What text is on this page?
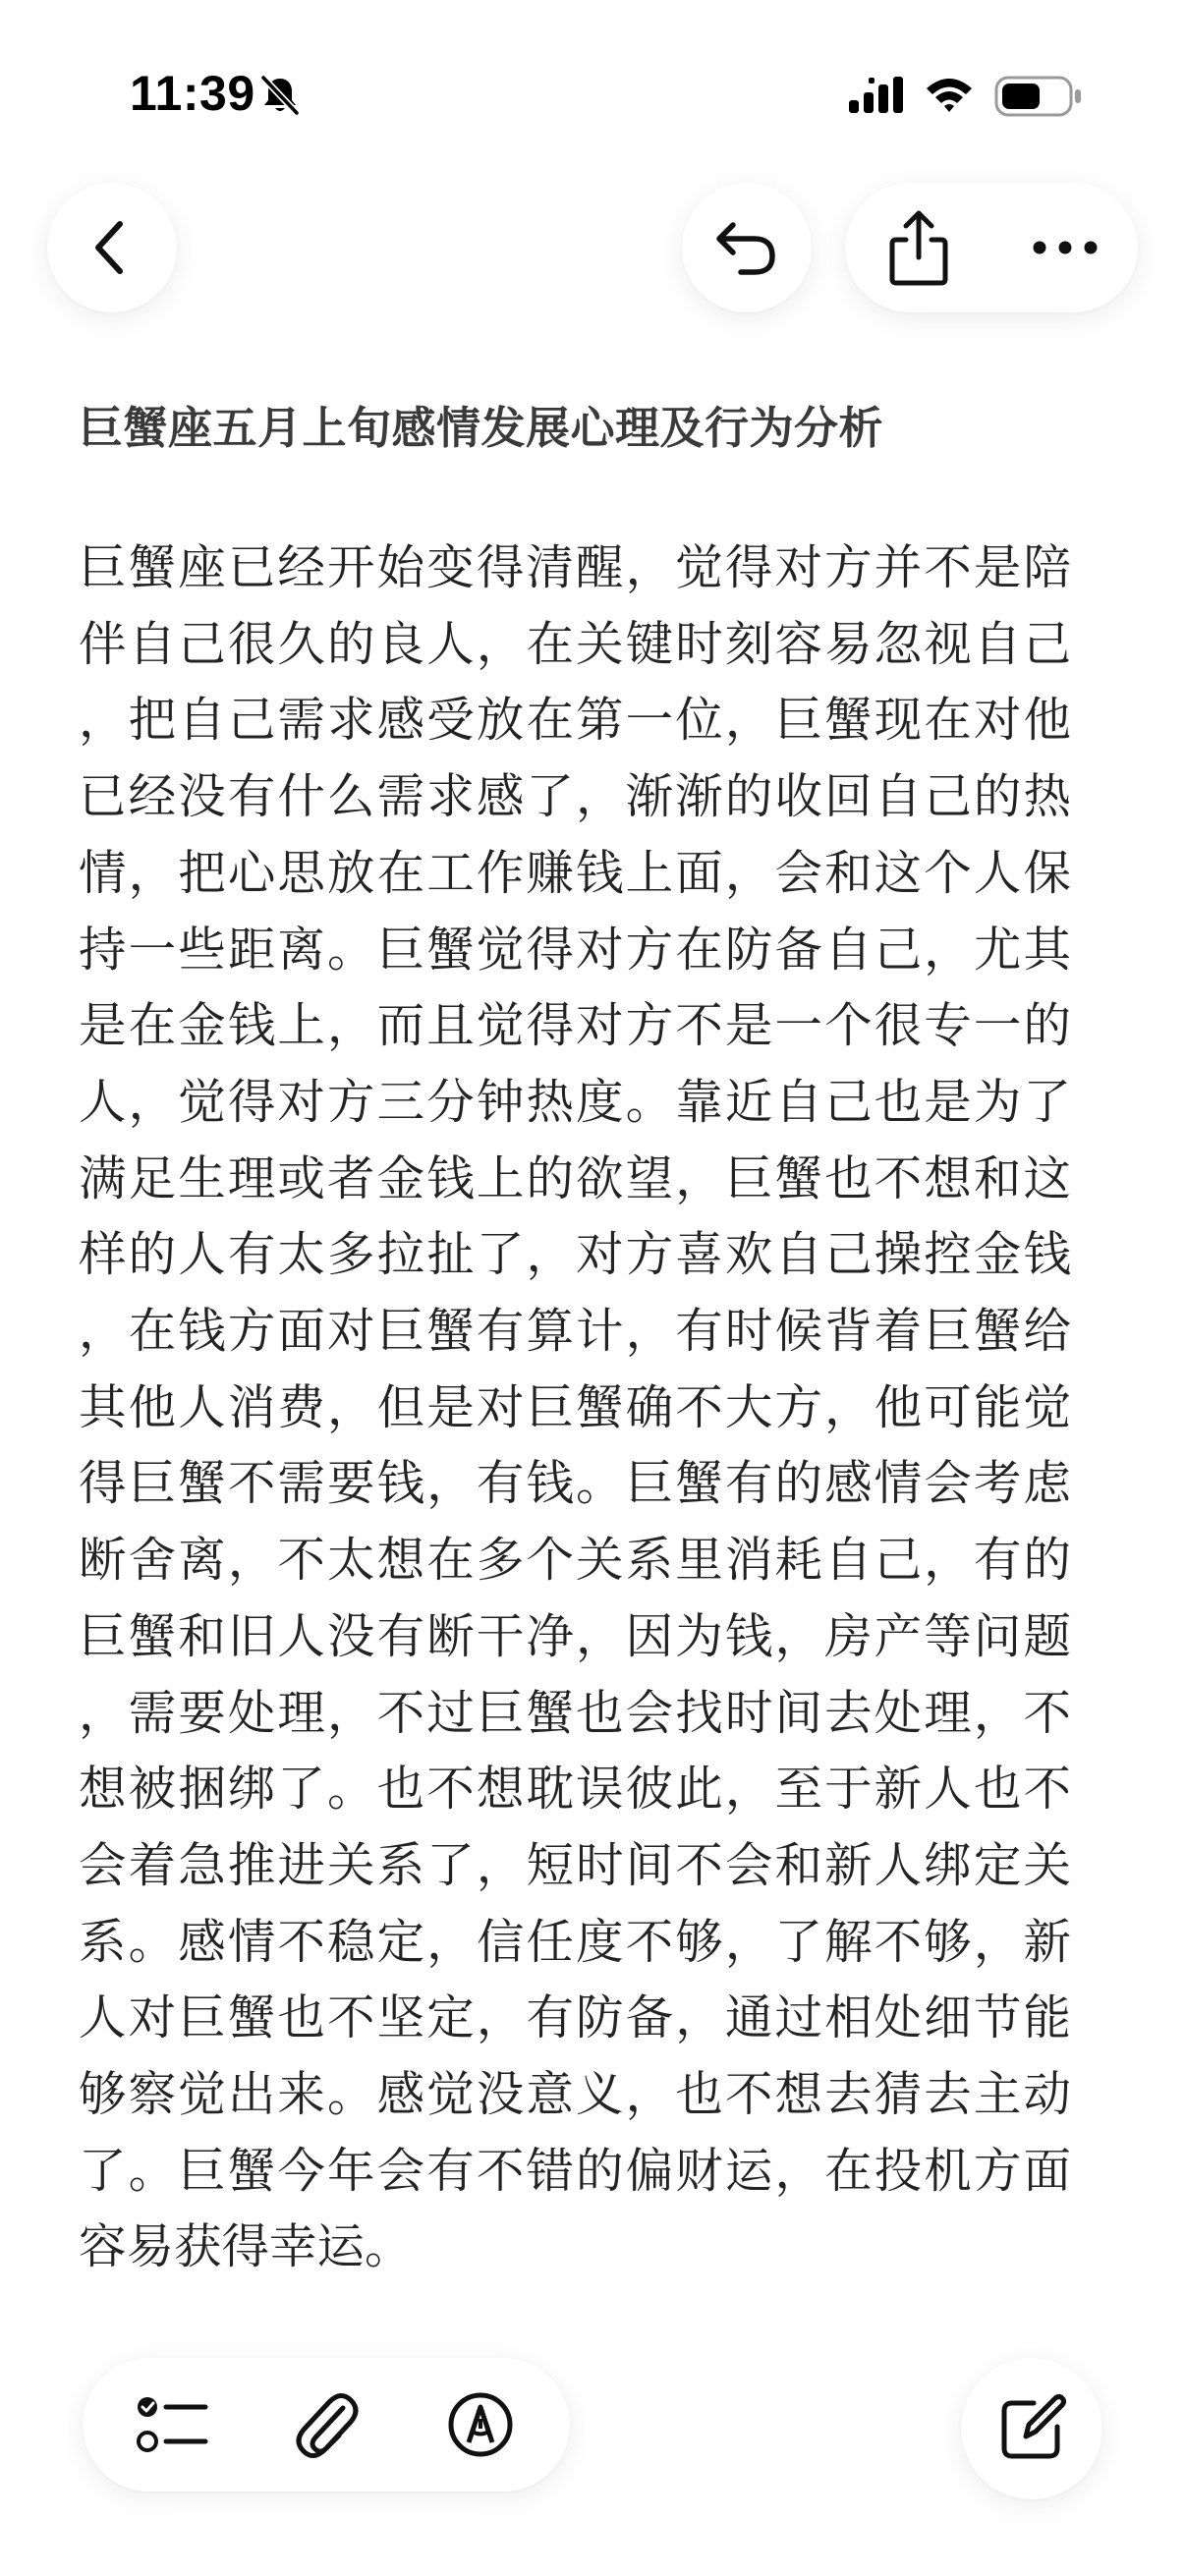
11:39
巨蟹座五月上旬感情发展心理及行为分析

巨蟹座已经开始变得清醒，觉得对方并不是陪伴自己很久的良人，在关键时刻容易忽视自己，把自己需求感受放在第一位，巨蟹现在对他已经没有什么需求感了，渐渐的收回自己的热情，把心思放在工作赚钱上面，会和这个人保持一些距离。巨蟹觉得对方在防备自己，尤其是在金钱上，而且觉得对方不是一个很专一的人，觉得对方三分钟热度。靠近自己也是为了满足生理或者金钱上的欲望，巨蟹也不想和这样的人有太多拉扯了，对方喜欢自己操控金钱，在钱方面对巨蟹有算计，有时候背着巨蟹给其他人消费，但是对巨蟹确不大方，他可能觉得巨蟹不需要钱，有钱。巨蟹有的感情会考虑断舍离，不太想在多个关系里消耗自己，有的巨蟹和旧人没有断干净，因为钱，房产等问题，需要处理，不过巨蟹也会找时间去处理，不想被捆绑了。也不想耽误彼此，至于新人也不会着急推进关系了，短时间不会和新人绑定关系。感情不稳定，信任度不够，了解不够，新人对巨蟹也不坚定，有防备，通过相处细节能够察觉出来。感觉没意义，也不想去猜去主动了。巨蟹今年会有不错的偏财运，在投机方面容易获得幸运。
